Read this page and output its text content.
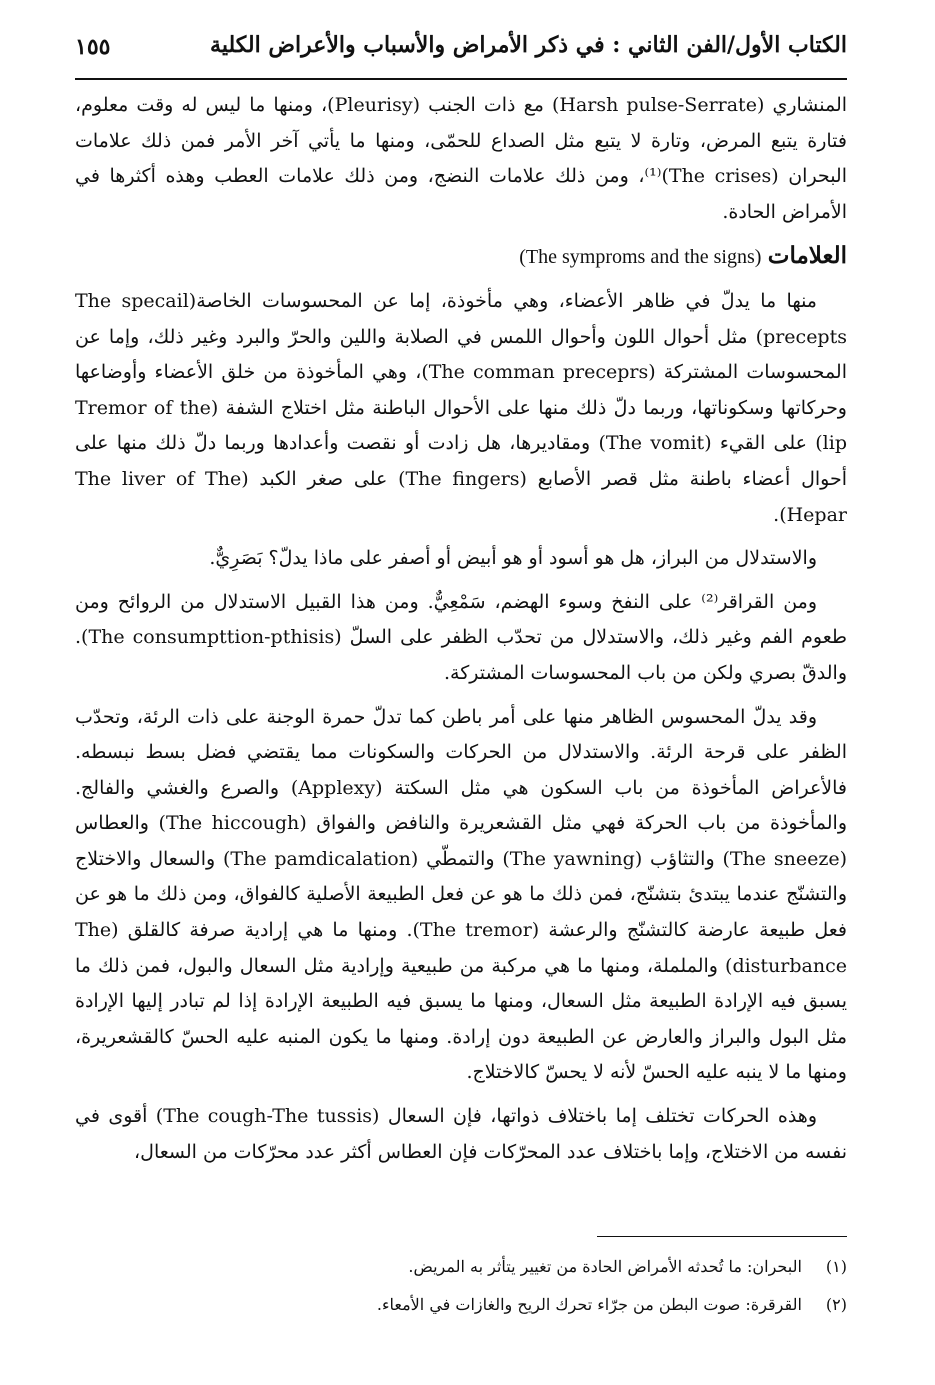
الكتاب الأول/الفن الثاني : في ذكر الأمراض والأسباب والأعراض الكلية
١٥٥

المنشاري (Harsh pulse-Serrate) مع ذات الجنب (Pleurisy)، ومنها ما ليس له وقت معلوم، فتارة يتبع المرض، وتارة لا يتبع مثل الصداع للحمّى، ومنها ما يأتي آخر الأمر فمن ذلك علامات البحران (The crises)⁽¹⁾، ومن ذلك علامات النضج، ومن ذلك علامات العطب وهذه أكثرها في الأمراض الحادة.

العلامات (The symproms and the signs)

منها ما يدلّ في ظاهر الأعضاء، وهي مأخوذة، إما عن المحسوسات الخاصة(The specail precepts) مثل أحوال اللون وأحوال اللمس في الصلابة واللين والحرّ والبرد وغير ذلك، وإما عن المحسوسات المشتركة (The comman preceprs)، وهي المأخوذة من خلق الأعضاء وأوضاعها وحركاتها وسكوناتها، وربما دلّ ذلك منها على الأحوال الباطنة مثل اختلاج الشفة (Tremor of the lip) على القيء (The vomit) ومقاديرها، هل زادت أو نقصت وأعدادها وربما دلّ ذلك منها على أحوال أعضاء باطنة مثل قصر الأصابع (The fingers) على صغر الكبد (The liver of The Hepar).

والاستدلال من البراز، هل هو أسود أو هو أبيض أو أصفر على ماذا يدلّ؟ بَصَرِيٌّ.

ومن القراقر⁽²⁾ على النفخ وسوء الهضم، سَمْعِيٌّ. ومن هذا القبيل الاستدلال من الروائح ومن طعوم الفم وغير ذلك، والاستدلال من تحدّب الظفر على السلّ (The consumpttion-pthisis). والدقّ بصري ولكن من باب المحسوسات المشتركة.

وقد يدلّ المحسوس الظاهر منها على أمر باطن كما تدلّ حمرة الوجنة على ذات الرئة، وتحدّب الظفر على قرحة الرئة. والاستدلال من الحركات والسكونات مما يقتضي فضل بسط نبسطه. فالأعراض المأخوذة من باب السكون هي مثل السكتة (Applexy) والصرع والغشي والفالج. والمأخوذة من باب الحركة فهي مثل القشعريرة والنافض والفواق (The hiccough) والعطاس (The sneeze) والتثاؤب (The yawning) والتمطّي (The pamdicalation) والسعال والاختلاج والتشنّج عندما يبتدئ بتشنّج، فمن ذلك ما هو عن فعل الطبيعة الأصلية كالفواق، ومن ذلك ما هو عن فعل طبيعة عارضة كالتشنّج والرعشة (The tremor). ومنها ما هي إرادية صرفة كالقلق (The disturbance) والململة، ومنها ما هي مركبة من طبيعية وإرادية مثل السعال والبول، فمن ذلك ما يسبق فيه الإرادة الطبيعة مثل السعال، ومنها ما يسبق فيه الطبيعة الإرادة إذا لم تبادر إليها الإرادة مثل البول والبراز والعارض عن الطبيعة دون إرادة. ومنها ما يكون المنبه عليه الحسّ كالقشعريرة، ومنها ما لا ينبه عليه الحسّ لأنه لا يحسّ كالاختلاج.

وهذه الحركات تختلف إما باختلاف ذواتها، فإن السعال (The cough-The tussis) أقوى في نفسه من الاختلاج، وإما باختلاف عدد المحرّكات فإن العطاس أكثر عدد محرّكات من السعال،

(١) البحران: ما تُحدثه الأمراض الحادة من تغيير يتأثر به المريض.

(٢) القرقرة: صوت البطن من جرّاء تحرك الريح والغازات في الأمعاء.
